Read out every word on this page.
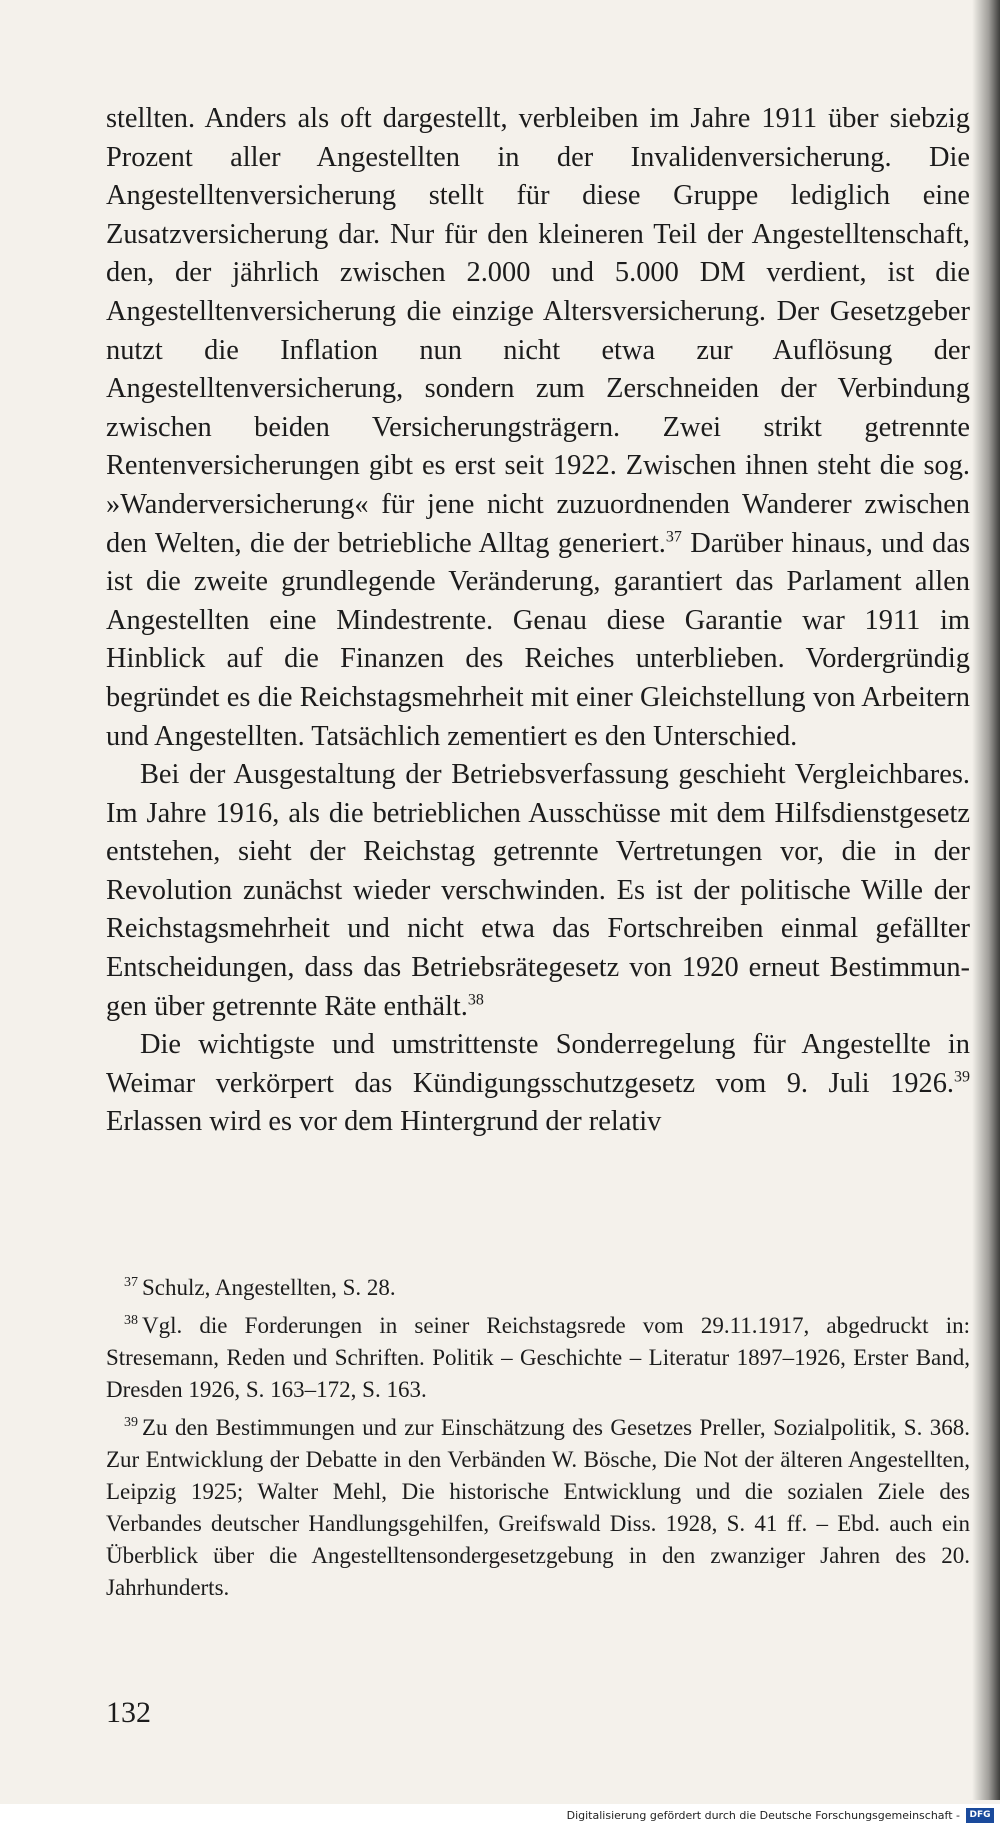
stellten. Anders als oft dargestellt, verbleiben im Jahre 1911 über siebzig Prozent aller Angestellten in der Invalidenversicherung. Die Angestelltenversicherung stellt für diese Gruppe lediglich eine Zusatzversicherung dar. Nur für den kleineren Teil der Angestelltenschaft, den, der jährlich zwischen 2.000 und 5.000 DM verdient, ist die Angestelltenversicherung die einzige Altersversicherung. Der Gesetzgeber nutzt die Inflation nun nicht etwa zur Auflösung der Angestelltenversicherung, sondern zum Zerschneiden der Verbindung zwischen beiden Versicherungsträgern. Zwei strikt getrennte Rentenversicherungen gibt es erst seit 1922. Zwischen ihnen steht die sog. »Wanderversicherung« für jene nicht zuzuordnenden Wanderer zwischen den Welten, die der betriebliche Alltag generiert.$^{37}$ Darüber hinaus, und das ist die zweite grundlegende Veränderung, garantiert das Parlament allen Angestellten eine Mindestrente. Genau diese Garantie war 1911 im Hinblick auf die Finanzen des Reiches unterblieben. Vordergründig begründet es die Reichstagsmehrheit mit einer Gleichstellung von Arbeitern und Angestellten. Tatsächlich zementiert es den Unterschied.

Bei der Ausgestaltung der Betriebsverfassung geschieht Vergleichbares. Im Jahre 1916, als die betrieblichen Ausschüsse mit dem Hilfsdienstgesetz entstehen, sieht der Reichstag getrennte Vertretungen vor, die in der Revolution zunächst wieder verschwinden. Es ist der politische Wille der Reichstagsmehrheit und nicht etwa das Fortschreiben einmal gefällter Entscheidungen, dass das Betriebsrätegesetz von 1920 erneut Bestimmungen über getrennte Räte enthält.$^{38}$

Die wichtigste und umstrittenste Sonderregelung für Angestellte in Weimar verkörpert das Kündigungsschutzgesetz vom 9. Juli 1926.39 Erlassen wird es vor dem Hintergrund der relativ

$^{37}$ Schulz, Angestellten, S. 28.

$^{38}$ Vgl. die Forderungen in seiner Reichstagsrede vom 29.11.1917, abgedruckt in: Stresemann, Reden und Schriften. Politik – Geschichte – Literatur 1897–1926, Erster Band, Dresden 1926, S. 163–172, S. 163.

$^{39}$ Zu den Bestimmungen und zur Einschätzung des Gesetzes Preller, Sozialpolitik, S. 368. Zur Entwicklung der Debatte in den Verbänden W. Bösche, Die Not der älteren Angestellten, Leipzig 1925; Walter Mehl, Die historische Entwicklung und die sozialen Ziele des Verbandes deutscher Handlungsgehilfen, Greifswald Diss. 1928, S. 41 ff. – Ebd. auch ein Überblick über die Angestelltensondergesetzgebung in den zwanziger Jahren des 20. Jahrhunderts.

132
Digitalisierung gefördert durch die Deutsche Forschungsgemeinschaft -	DFG
